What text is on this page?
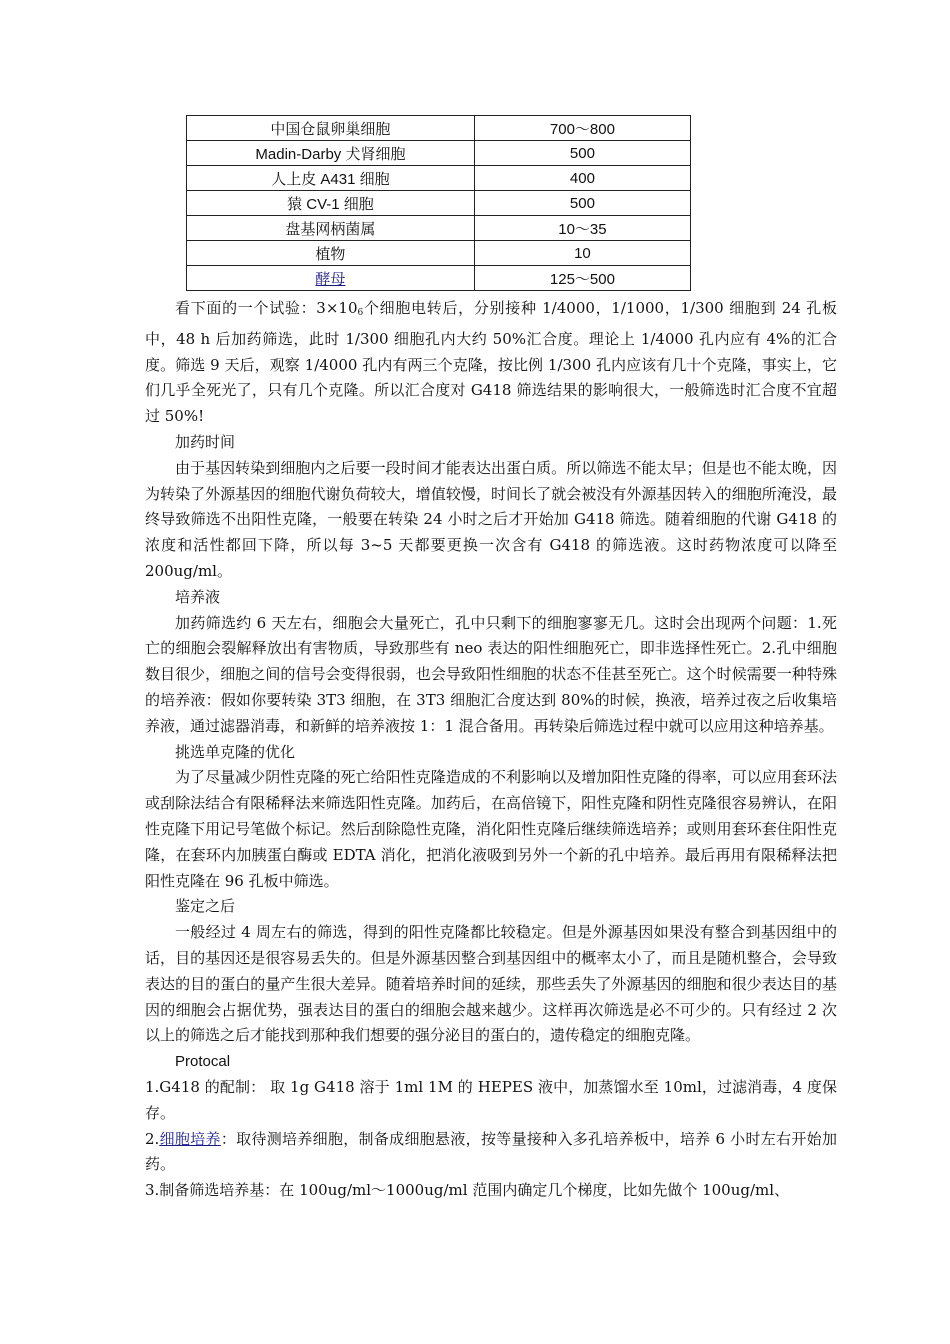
中国仓鼠卵巢细胞	700～800
Madin-Darby 犬肾细胞	500
人上皮 A431 细胞	400
猿 CV-1 细胞	500
盘基网柄菌属	10～35
植物	10
酵母	125～500

看下面的一个试验：$3\times 10_6$个细胞电转后，分别接种 1/4000，1/1000，1/300 细胞到 24 孔板中，48 h 后加药筛选，此时 1/300 细胞孔内大约 50%汇合度。理论上 1/4000 孔内应有 4%的汇合度。筛选 9 天后，观察 1/4000 孔内有两三个克隆，按比例 1/300 孔内应该有几十个克隆，事实上，它们几乎全死光了，只有几个克隆。所以汇合度对 G418 筛选结果的影响很大，一般筛选时汇合度不宜超过 50%!

加药时间

由于基因转染到细胞内之后要一段时间才能表达出蛋白质。所以筛选不能太早；但是也不能太晚，因为转染了外源基因的细胞代谢负荷较大，增值较慢，时间长了就会被没有外源基因转入的细胞所淹没，最终导致筛选不出阳性克隆，一般要在转染 24 小时之后才开始加 G418 筛选。随着细胞的代谢 G418 的浓度和活性都回下降，所以每 3~5 天都要更换一次含有 G418 的筛选液。这时药物浓度可以降至 200ug/ml。

培养液

加药筛选约 6 天左右，细胞会大量死亡，孔中只剩下的细胞寥寥无几。这时会出现两个问题：1.死亡的细胞会裂解释放出有害物质，导致那些有 neo 表达的阳性细胞死亡，即非选择性死亡。2.孔中细胞数目很少，细胞之间的信号会变得很弱，也会导致阳性细胞的状态不佳甚至死亡。这个时候需要一种特殊的培养液：假如你要转染 3T3 细胞，在 3T3 细胞汇合度达到 80%的时候，换液，培养过夜之后收集培养液，通过滤器消毒，和新鲜的培养液按 1：1 混合备用。再转染后筛选过程中就可以应用这种培养基。

挑选单克隆的优化

为了尽量减少阴性克隆的死亡给阳性克隆造成的不利影响以及增加阳性克隆的得率，可以应用套环法或刮除法结合有限稀释法来筛选阳性克隆。加药后，在高倍镜下，阳性克隆和阴性克隆很容易辨认，在阳性克隆下用记号笔做个标记。然后刮除隐性克隆，消化阳性克隆后继续筛选培养；或则用套环套住阳性克隆，在套环内加胰蛋白酶或 EDTA 消化，把消化液吸到另外一个新的孔中培养。最后再用有限稀释法把阳性克隆在 96 孔板中筛选。

鉴定之后

一般经过 4 周左右的筛选，得到的阳性克隆都比较稳定。但是外源基因如果没有整合到基因组中的话，目的基因还是很容易丢失的。但是外源基因整合到基因组中的概率太小了，而且是随机整合，会导致表达的目的蛋白的量产生很大差异。随着培养时间的延续，那些丢失了外源基因的细胞和很少表达目的基因的细胞会占据优势，强表达目的蛋白的细胞会越来越少。这样再次筛选是必不可少的。只有经过 2 次以上的筛选之后才能找到那种我们想要的强分泌目的蛋白的，遗传稳定的细胞克隆。

Protocal

1.G418 的配制： 取 1g G418 溶于 1ml 1M 的 HEPES 液中，加蒸馏水至 10ml，过滤消毒，4 度保存。

2.细胞培养：取待测培养细胞，制备成细胞悬液，按等量接种入多孔培养板中，培养 6 小时左右开始加药。

3.制备筛选培养基：在 100ug/ml～1000ug/ml 范围内确定几个梯度，比如先做个 100ug/ml、
